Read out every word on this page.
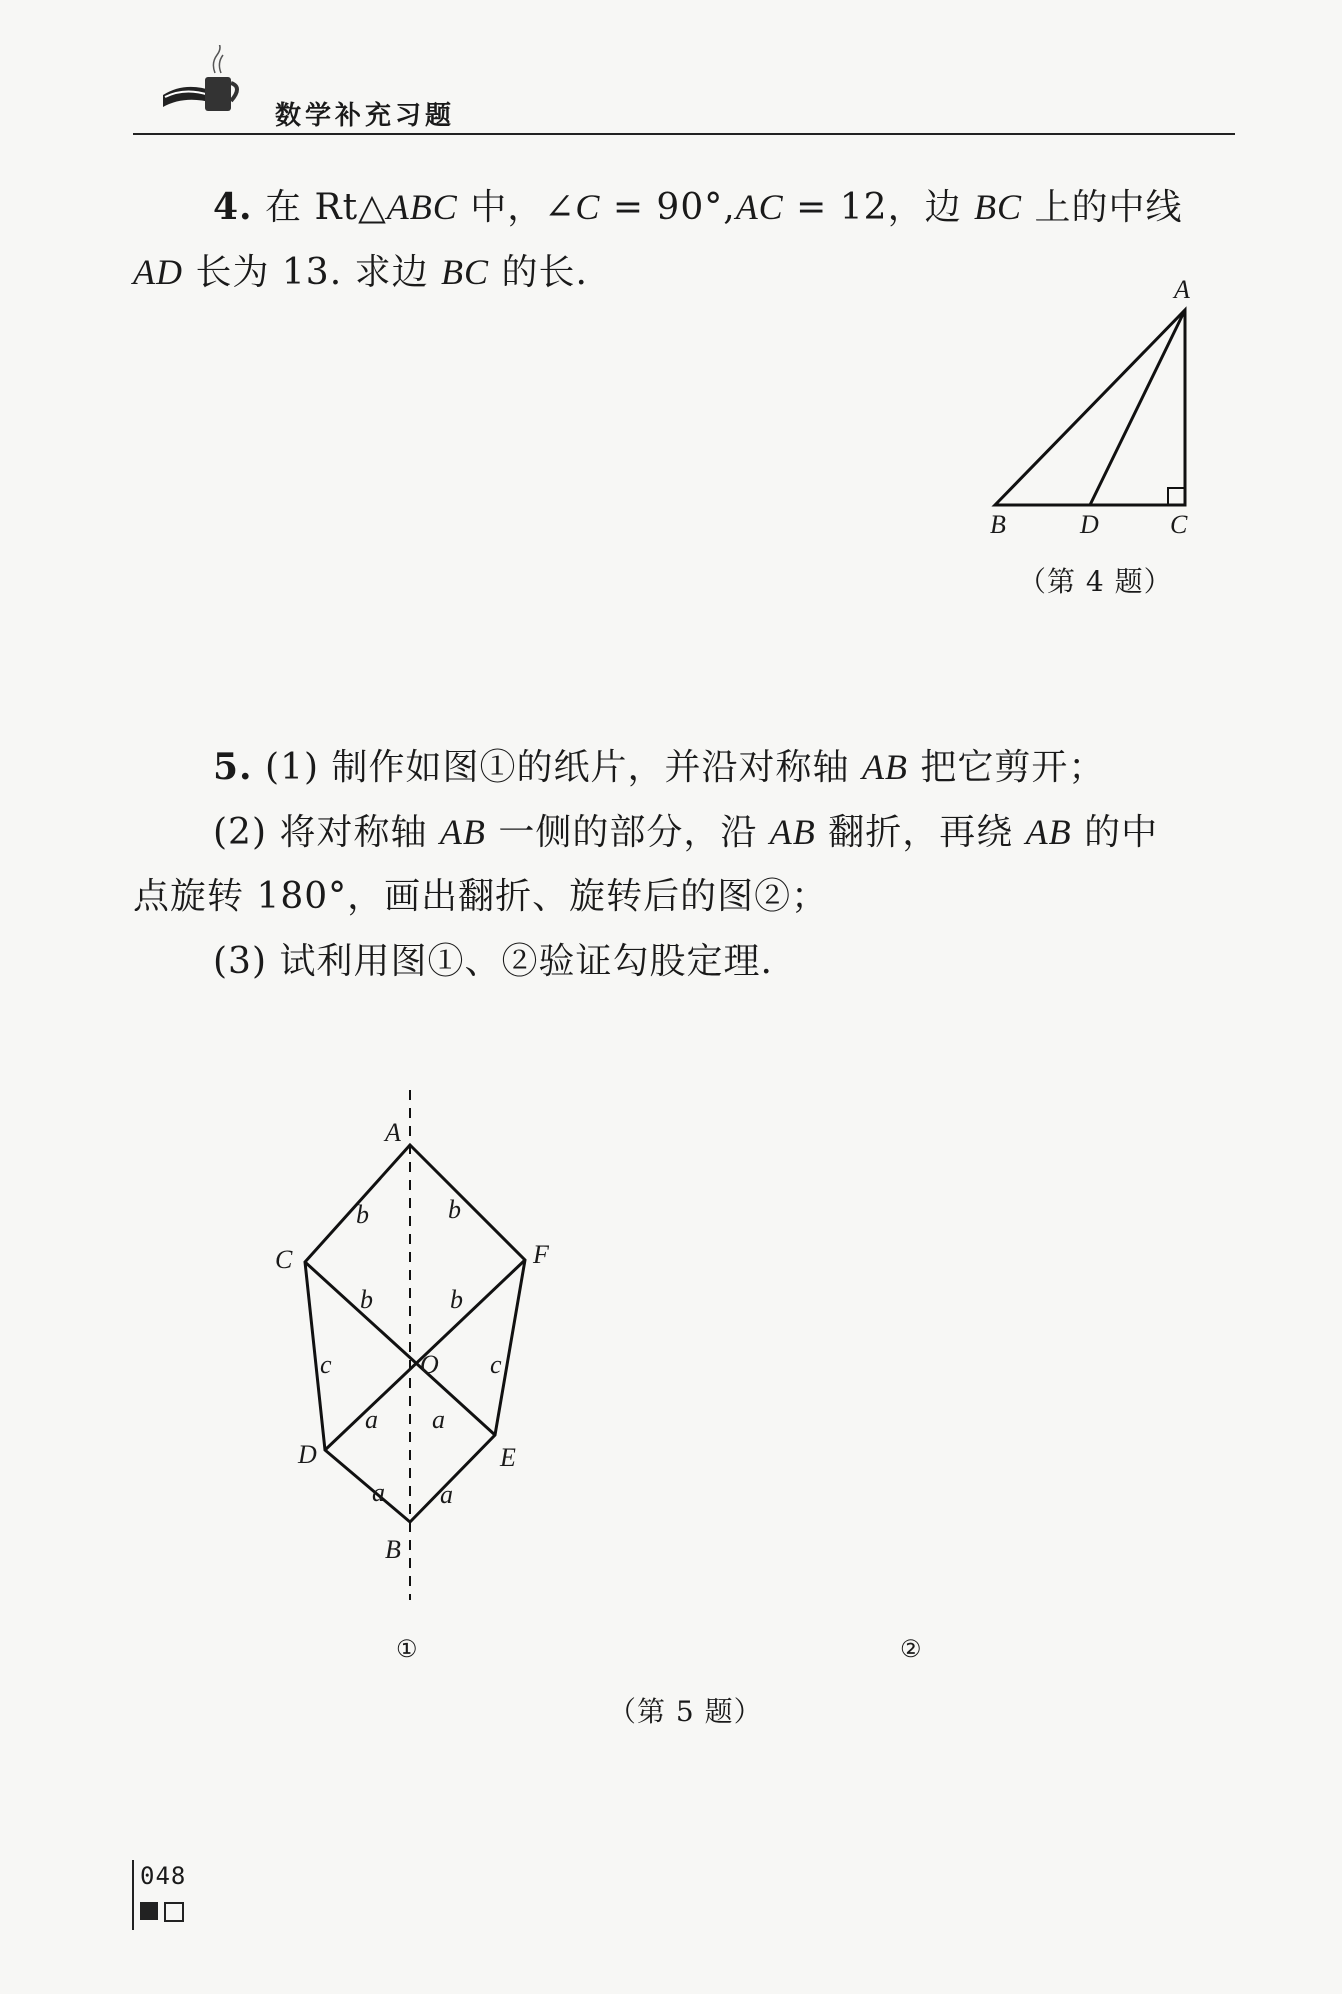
数学补充习题
4. 在 Rt△ABC 中，∠C = 90°,AC = 12，边 BC 上的中线
AD 长为 13. 求边 BC 的长.	A
B	D	C
（第 4 题）
5. (1) 制作如图①的纸片，并沿对称轴 AB 把它剪开；
(2) 将对称轴 AB 一侧的部分，沿 AB 翻折，再绕 AB 的中
点旋转 180°，画出翻折、旋转后的图②；
(3) 试利用图①、②验证勾股定理.
A
C	F
O
D	E
B
b	b
b	b
c	c
a a
a a
①	②
（第 5 题）
048
